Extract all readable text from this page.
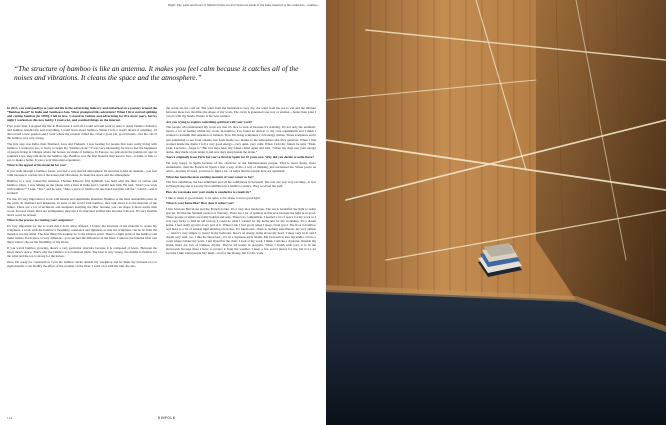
Right: The walls and floors of Martin's home in rural Spain are made of the same material as his sculptures—bamboo.
“The structure of bamboo is like an antenna. It makes you feel calm because it catches all of the noises and vibrations. It cleans the space and the atmosphere.”

In 2013, you said goodbye to your old life in the advertising industry and embarked on a journey around the “Bamboo Road” in India and Southeast Asia. What prompted this adventure? When I first started splitting and cutting bamboo [in 1998], I fell in love. I stayed in fashion and advertising for five more years, but by night I worked on this new hobby. I read a lot, and watched things on the internet.

Five years later, I stopped my life in Barcelona. I sold all I could sell and went to Asia to study bamboo behavior and bamboo handicrafts and everything I could learn about bamboo. When I left, I wasn't afraid of anything. I'd discovered a new passion and I went where my passion called me. I had a good job, good friends—but the call of the bamboo was very strong.

The first step was India, then Thailand, Laos and Vietnam. I was looking for people that were really living with bamboo. I wanted to see, to learn, to begin my “bamboo hour.” It was very interesting for me to feel the happiness of people living in villages where the houses are made of bamboo. In Europe, we talk about the prehistoric age; in southern Laos, they talk about the bamboo age. Bamboo was the first material they used to live—to hunt, to fish, to eat, to make a home. It was a very important experience.

What is the appeal of the material for you?

If you walk through a bamboo forest, you feel a very special atmosphere. Its structure is like an antenna—you feel calm because it catches all of the noises and vibrations. It cleans the space and the atmosphere.

Bamboo is a very connective material. Thomas Edison's first lightbulb was built with the fiber of carbon and bamboo. Once, I was talking on the phone with a man in India and I couldn't hear him. He said, “Don't you work with bamboo?” I said, “Yes,” and he said, “Take a piece of bamboo in one hand and then call me.” I did it—and it worked!

For me, it's very important to work with natural and sustainable materials. Bamboo is the most sustainable plant on the earth. In Thailand and Indonesia, in parts of the world with bamboo, they talk about it as the material of the future. There are a lot of architects and designers studying the fiber because you can shape it more easily than wood. In areas where there are earthquakes, they use it in structural architecture because it moves. It's very flexible and it won't be broken.

What is the process in creating your sculptures?

It's very important for me to work that I don't draw. Instead, I follow the structure of the material to create my sculptures. I work with the bamboo's flexibility, resistance and lightness so that the sculptures can be lit from the material, not my mind. The best thing I'm looking for is the balance point. There's a light point of the bamboo and make strikes. Each piece is very different—you can feel the difference in the fiber. I remove the internal fiber and that's when I choose the flexibility of my sticks.

If you watch bamboo growing, there's a very particular structure because it is composed of knots. Between the knots there's space. That's why the bamboo is so balanced plant. The base is very strong, the middle is flexible for the wind and the top is strong for the leaves.

Once I'm ready for construction, I put the bamboo sticks outside my workshop and let them dry between two to eight months. I can modify the effect of the weather on the fiber. I work a lot with the rain, the sun,

the warm air, the cold air. The wind from the mountain is very dry, the wind from the sea is wet and the mixture between these two modifies the shape of my work. The curve is generated one way or another—better than what I can do with my hands. Nature is the best sculptor.

Are you trying to explore something spiritual with your work?

The people who understand my work say that it's nice to look at because it's relaxing. It's not only the aesthetic; there's a lot of feeling within my work. In bamboo, I've found an answer to my own equilibrium and I think I wanted to transmit this sensation of balance. Now I'm doing sculptures I call energy domes. Those sculptures aren't just something to see from outside, but from inside too: thanks to the atmosphere that they generate. When I first worked inside the dome, I felt a very good energy—very quiet, very calm. When I told my friend, he said, “Yeah, yeah, Lucrezio—forget it.” But two days later, my friend called again and said, “When my dogs saw your energy dome, they made a hole under it and now they sleep inside the dome.”

You're originally from Paris but you've lived in Spain for 10 years now. Why did you decide to settle there?

I'm very happy in Spain because of the character of the Mediterranean people. They're more funny, more enthusiastic, than the French. In Spain, I met a way of life, a way of thinking, that enchanted me. When you're an artist—because it's hard, you have to fight a lot—it helps that the people here are optimistic.

What has been the most exciting moment of your career so far?

The first exhibition, the last exhibition and all the exhibitions in between! The last one was very exciting—it was in Hong Kong and it was my first exhibition in a bamboo country. They received me well.

How do you make sure your studio is conducive to creativity?

I like to listen to good music, to be quiet, to be alone, to have good light.

What is your home like? How does it reflect you?

I live between Barcelona and the French border. It's a very nice landscape. The sea is beautiful; the light is really special. It's like the Spanish version of Tuscany. There are a lot of painters in this area because the light is so good. These groups of artists are really helpful and easy. There's no competition. I needed a lot of space for my work so I was very lucky to find an old factory. I could do what I wanted for my home and for my workshop. It's a dream home. I feel really good in every part of it. When I am, I feel good; when I sleep, I feel good. The floor is bamboo and there is a lot of natural light entering the house. It's functional—there is nothing superfluous. It's very simple—. And it's very simple to clean! In my bedroom, there's an energy dome above my head. I sleep very well, and I dream very well, too. I like the futon bed—it's on a Japanese-style tatami. My bedroom is also my studio. I have a room where I make my work. I put myself in the chair. I look at my work. I think. I smoke a cigarette. Outside my home, there are lots of bamboo drying. They're all works in progress. When I finish each part, it is in the showroom because there I have to protect it from the weather. I keep a few secret pieces for me, but not a lot because I like when people buy them—not for the money, but for the work.

144	KINFOLK
